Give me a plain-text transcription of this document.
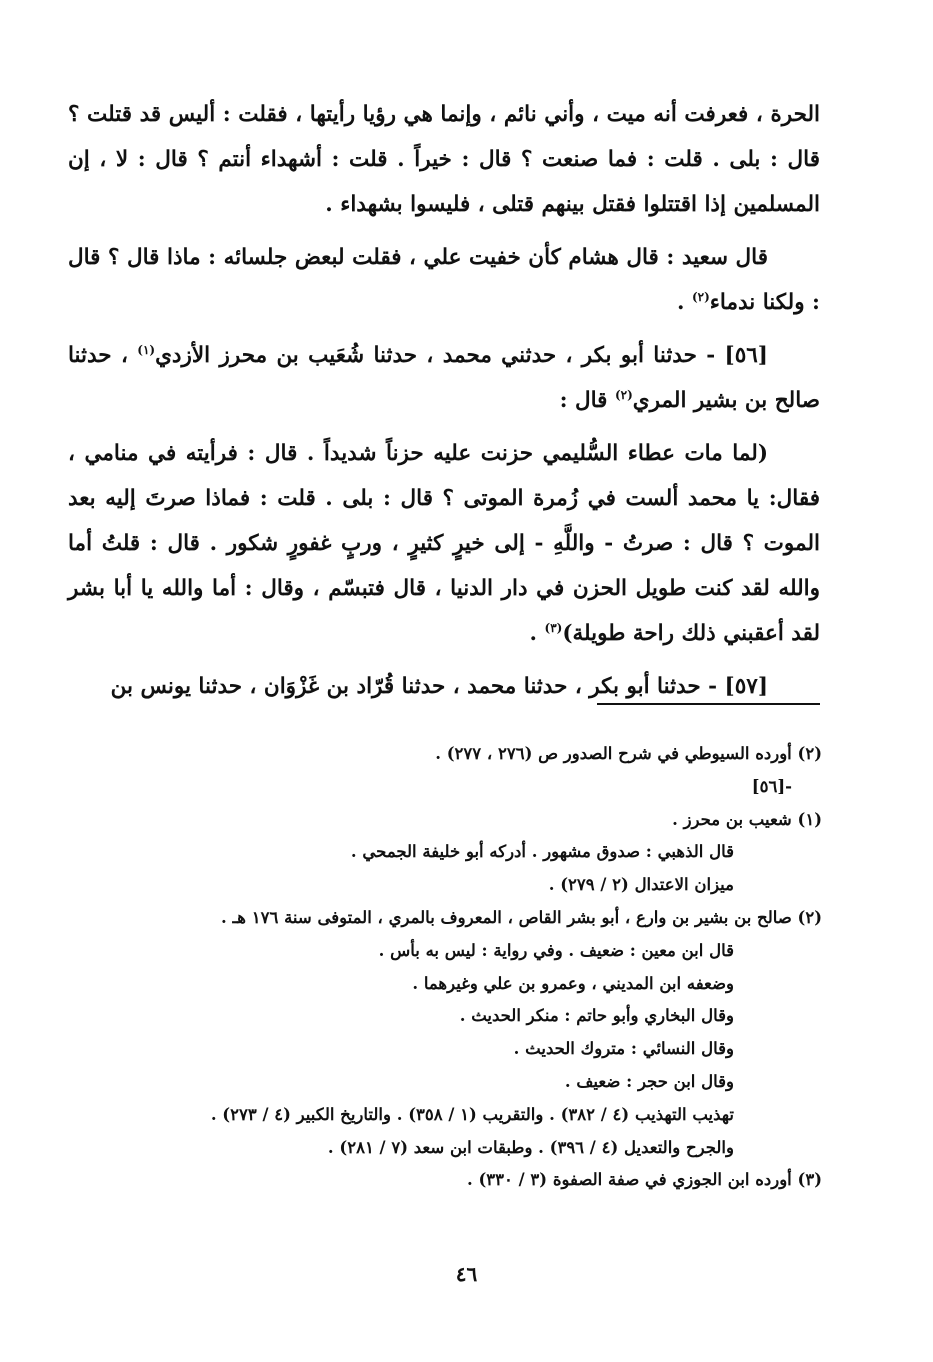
الحرة ، فعرفت أنه ميت ، وأني نائم ، وإنما هي رؤيا رأيتها ، فقلت : أليس قد قتلت ؟ قال : بلى . قلت : فما صنعت ؟ قال : خيراً . قلت : أشهداء أنتم ؟ قال : لا ، إن المسلمين إذا اقتتلوا فقتل بينهم قتلى ، فليسوا بشهداء .

قال سعيد : قال هشام كأن خفيت علي ، فقلت لبعض جلسائه : ماذا قال ؟ قال : ولكنا ندماء$^{(٢)}$ .

[٥٦] - حدثنا أبو بكر ، حدثني محمد ، حدثنا شُعَيب بن محرز الأزدي$^{(١)}$ ، حدثنا صالح بن بشير المري$^{(٢)}$ قال :

(لما مات عطاء السُّليمي حزنت عليه حزناً شديداً . قال : فرأيته في منامي ، فقال: يا محمد ألست في زُمرة الموتى ؟ قال : بلى . قلت : فماذا صرتَ إليه بعد الموت ؟ قال : صرتُ - واللَّهِ - إلى خيرٍ كثيرٍ ، وربٍ غفورٍ شكور . قال : قلتُ أما والله لقد كنت طويل الحزن في دار الدنيا ، قال فتبسّم ، وقال : أما والله يا أبا بشر لقد أعقبني ذلك راحة طويلة)$^{(٣)}$ .

[٥٧] - حدثنا أبو بكر ، حدثنا محمد ، حدثنا قُرّاد بن غَزْوَان ، حدثنا يونس بن

(٢) أورده السيوطي في شرح الصدور ص (٢٧٦ ، ٢٧٧) .
-[٥٦]
(١) شعيب بن محرز .
قال الذهبي : صدوق مشهور . أدركه أبو خليفة الجمحي .
ميزان الاعتدال (٢ / ٢٧٩) .
(٢) صالح بن بشير بن وارع ، أبو بشر القاص ، المعروف بالمري ، المتوفى سنة ١٧٦ هـ .
قال ابن معين : ضعيف . وفي رواية : ليس به بأس .
وضعفه ابن المديني ، وعمرو بن علي وغيرهما .
وقال البخاري وأبو حاتم : منكر الحديث .
وقال النسائي : متروك الحديث .
وقال ابن حجر : ضعيف .
تهذيب التهذيب (٤ / ٣٨٢) . والتقريب (١ / ٣٥٨) . والتاريخ الكبير (٤ / ٢٧٣) .
والجرح والتعديل (٤ / ٣٩٦) . وطبقات ابن سعد (٧ / ٢٨١) .
(٣) أورده ابن الجوزي في صفة الصفوة (٣ / ٣٣٠) .
٤٦
